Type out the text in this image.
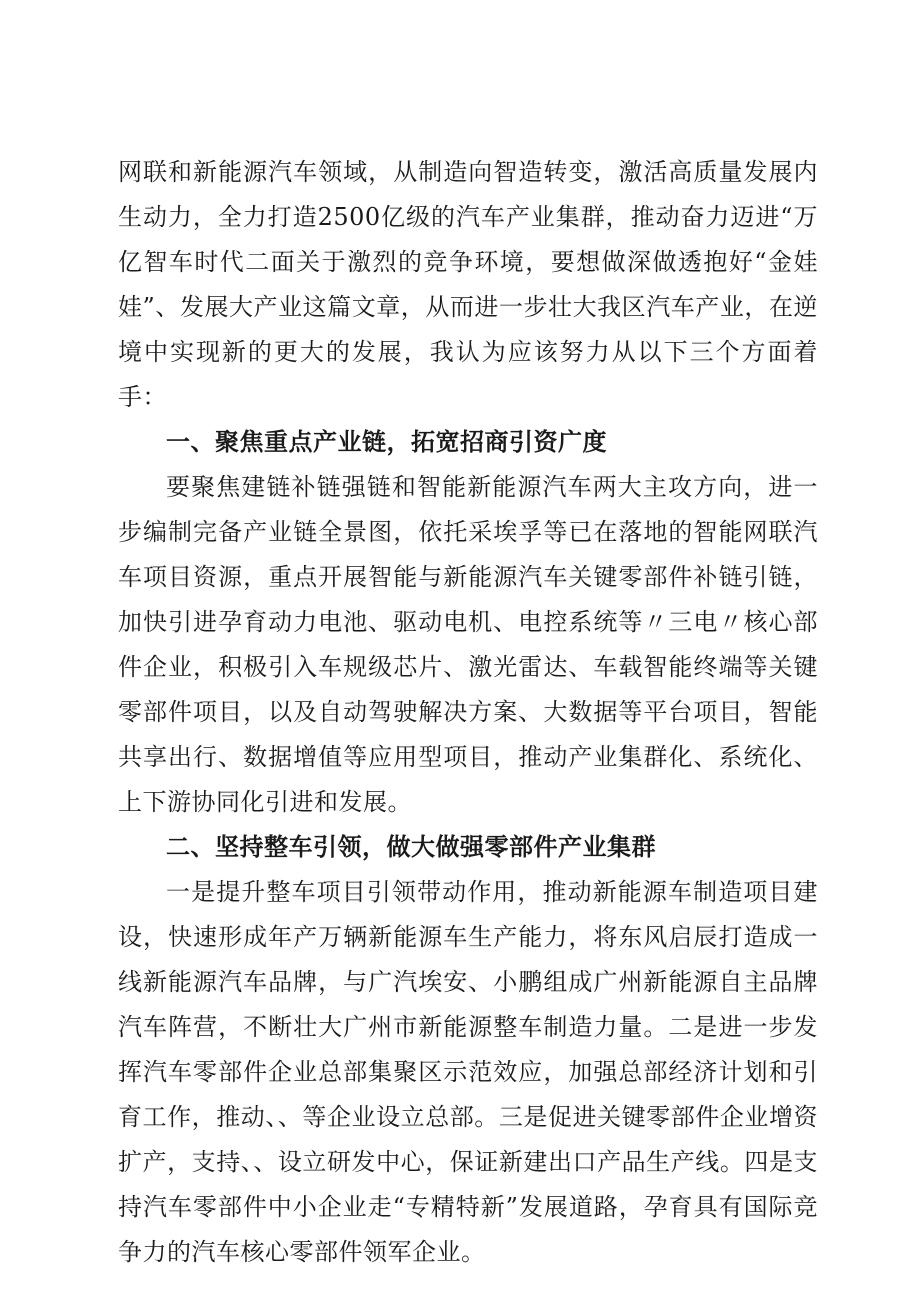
网联和新能源汽车领域，从制造向智造转变，激活高质量发展内生动力，全力打造2500亿级的汽车产业集群，推动奋力迈进“万亿智车时代二面关于激烈的竞争环境，要想做深做透抱好“金娃娃”、发展大产业这篇文章，从而进一步壮大我区汽车产业，在逆境中实现新的更大的发展，我认为应该努力从以下三个方面着手：

一、聚焦重点产业链，拓宽招商引资广度

要聚焦建链补链强链和智能新能源汽车两大主攻方向，进一步编制完备产业链全景图，依托采埃孚等已在落地的智能网联汽车项目资源，重点开展智能与新能源汽车关键零部件补链引链，加快引进孕育动力电池、驱动电机、电控系统等〃三电〃核心部件企业，积极引入车规级芯片、激光雷达、车载智能终端等关键零部件项目，以及自动驾驶解决方案、大数据等平台项目，智能共享出行、数据增值等应用型项目，推动产业集群化、系统化、上下游协同化引进和发展。

二、坚持整车引领，做大做强零部件产业集群

一是提升整车项目引领带动作用，推动新能源车制造项目建设，快速形成年产万辆新能源车生产能力，将东风启辰打造成一线新能源汽车品牌，与广汽埃安、小鹏组成广州新能源自主品牌汽车阵营，不断壮大广州市新能源整车制造力量。二是进一步发挥汽车零部件企业总部集聚区示范效应，加强总部经济计划和引育工作，推动、、等企业设立总部。三是促进关键零部件企业增资扩产，支持、、设立研发中心，保证新建出口产品生产线。四是支持汽车零部件中小企业走“专精特新”发展道路，孕育具有国际竞争力的汽车核心零部件领军企业。
